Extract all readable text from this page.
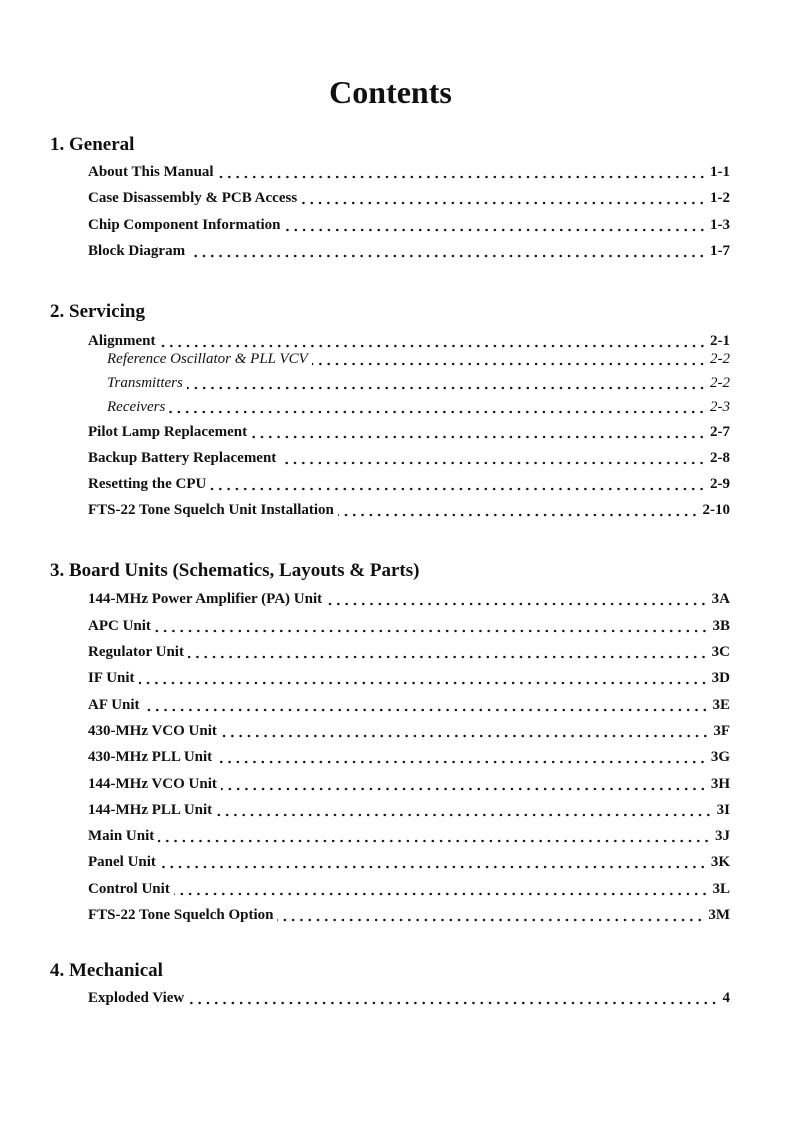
Contents
1. General
About This Manual	1-1
Case Disassembly & PCB Access	1-2
Chip Component Information	1-3
Block Diagram	1-7
2. Servicing
Alignment	2-1
Reference Oscillator & PLL VCV	2-2
Transmitters	2-2
Receivers	2-3
Pilot Lamp Replacement	2-7
Backup Battery Replacement	2-8
Resetting the CPU	2-9
FTS-22 Tone Squelch Unit Installation	2-10
3. Board Units (Schematics, Layouts & Parts)
144-MHz Power Amplifier (PA) Unit	3A
APC Unit	3B
Regulator Unit	3C
IF Unit	3D
AF Unit	3E
430-MHz VCO Unit	3F
430-MHz PLL Unit	3G
144-MHz VCO Unit	3H
144-MHz PLL Unit	3I
Main Unit	3J
Panel Unit	3K
Control Unit	3L
FTS-22 Tone Squelch Option	3M
4. Mechanical
Exploded View	4
